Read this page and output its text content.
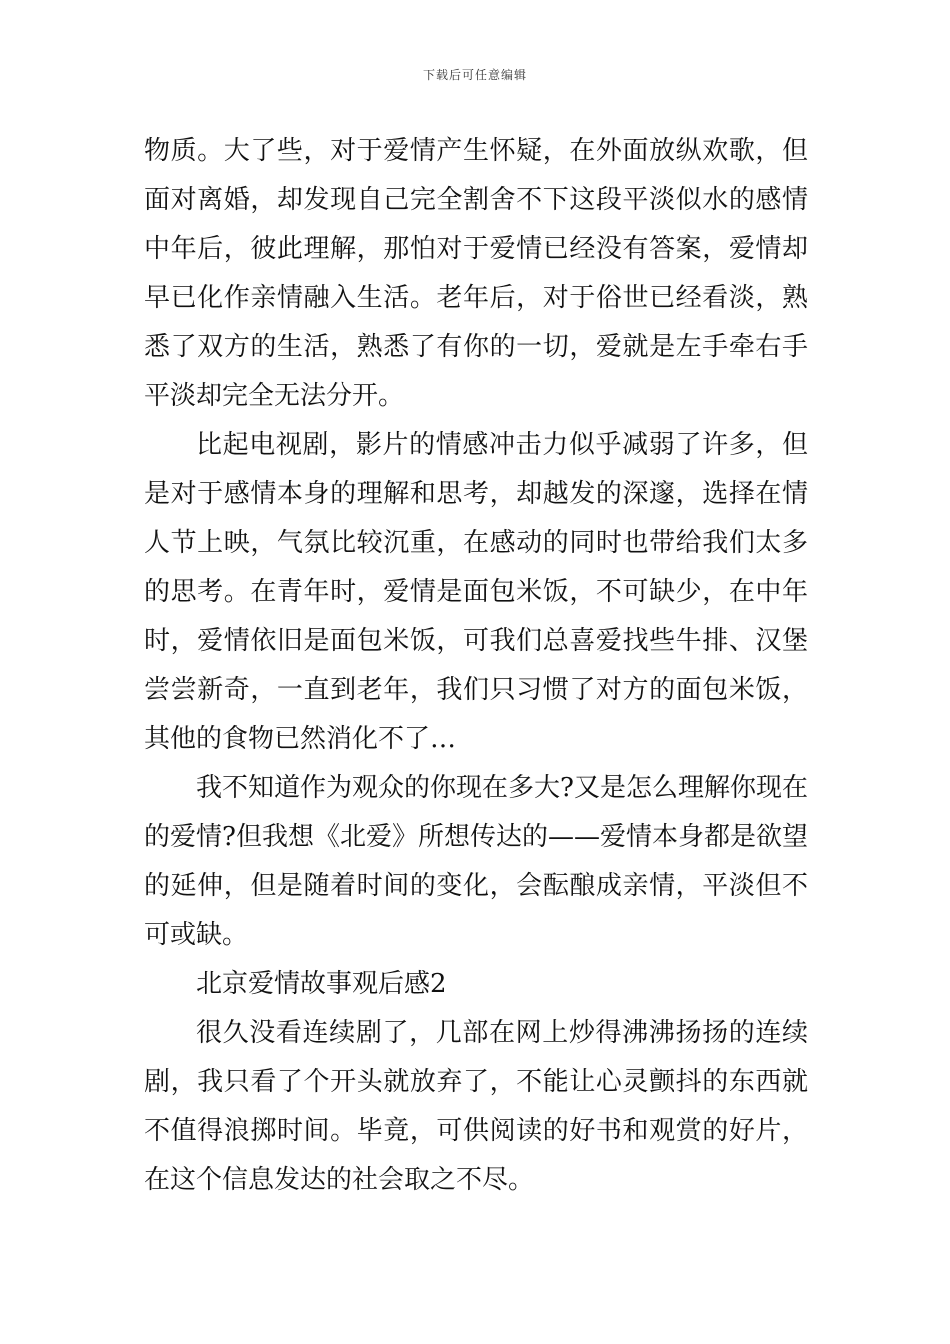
下载后可任意编辑
物质。大了些，对于爱情产生怀疑，在外面放纵欢歌，但
面对离婚，却发现自己完全割舍不下这段平淡似水的感情
中年后，彼此理解，那怕对于爱情已经没有答案，爱情却
早已化作亲情融入生活。老年后，对于俗世已经看淡，熟
悉了双方的生活，熟悉了有你的一切，爱就是左手牵右手
平淡却完全无法分开。
比起电视剧，影片的情感冲击力似乎减弱了许多，但
是对于感情本身的理解和思考，却越发的深邃，选择在情
人节上映，气氛比较沉重，在感动的同时也带给我们太多
的思考。在青年时，爱情是面包米饭，不可缺少，在中年
时，爱情依旧是面包米饭，可我们总喜爱找些牛排、汉堡
尝尝新奇，一直到老年，我们只习惯了对方的面包米饭，
其他的食物已然消化不了…
我不知道作为观众的你现在多大?又是怎么理解你现在
的爱情?但我想《北爱》所想传达的——爱情本身都是欲望
的延伸，但是随着时间的变化，会酝酿成亲情，平淡但不
可或缺。
北京爱情故事观后感2
很久没看连续剧了，几部在网上炒得沸沸扬扬的连续
剧，我只看了个开头就放弃了，不能让心灵颤抖的东西就
不值得浪掷时间。毕竟，可供阅读的好书和观赏的好片，
在这个信息发达的社会取之不尽。
